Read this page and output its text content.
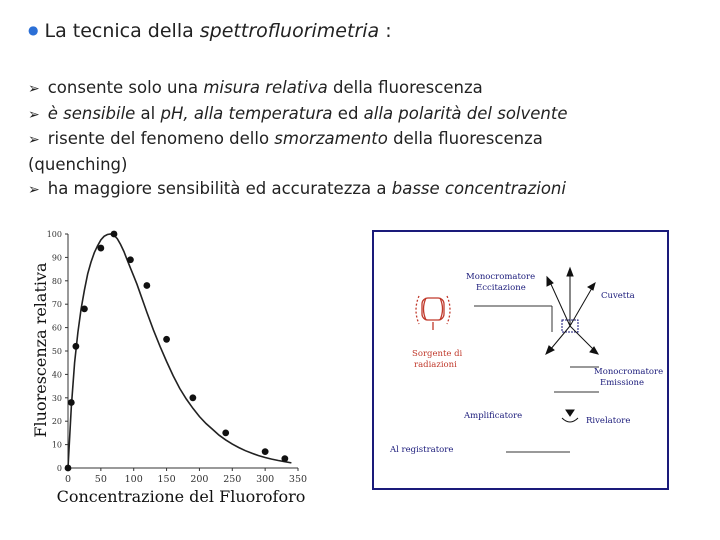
● La tecnica della spettrofluorimetria :
➢ consente solo una misura relativa della fluorescenza
➢ è sensibile al pH, alla temperatura ed alla polarità del solvente
➢ risente del fenomeno dello smorzamento della fluorescenza
(quenching)
➢ ha maggiore sensibilità ed accuratezza a basse concentrazioni
0
10
20
30
40
50
60
70
80
90
100
0	50 100 150 200 250 300 350
Fluorescenza relativa
Concentrazione del Fluoroforo
Monocromatore
Eccitazione
Cuvetta
Sorgente di
radiazioni
Monocromatore
Emissione
Amplificatore	Rivelatore
Al registratore
